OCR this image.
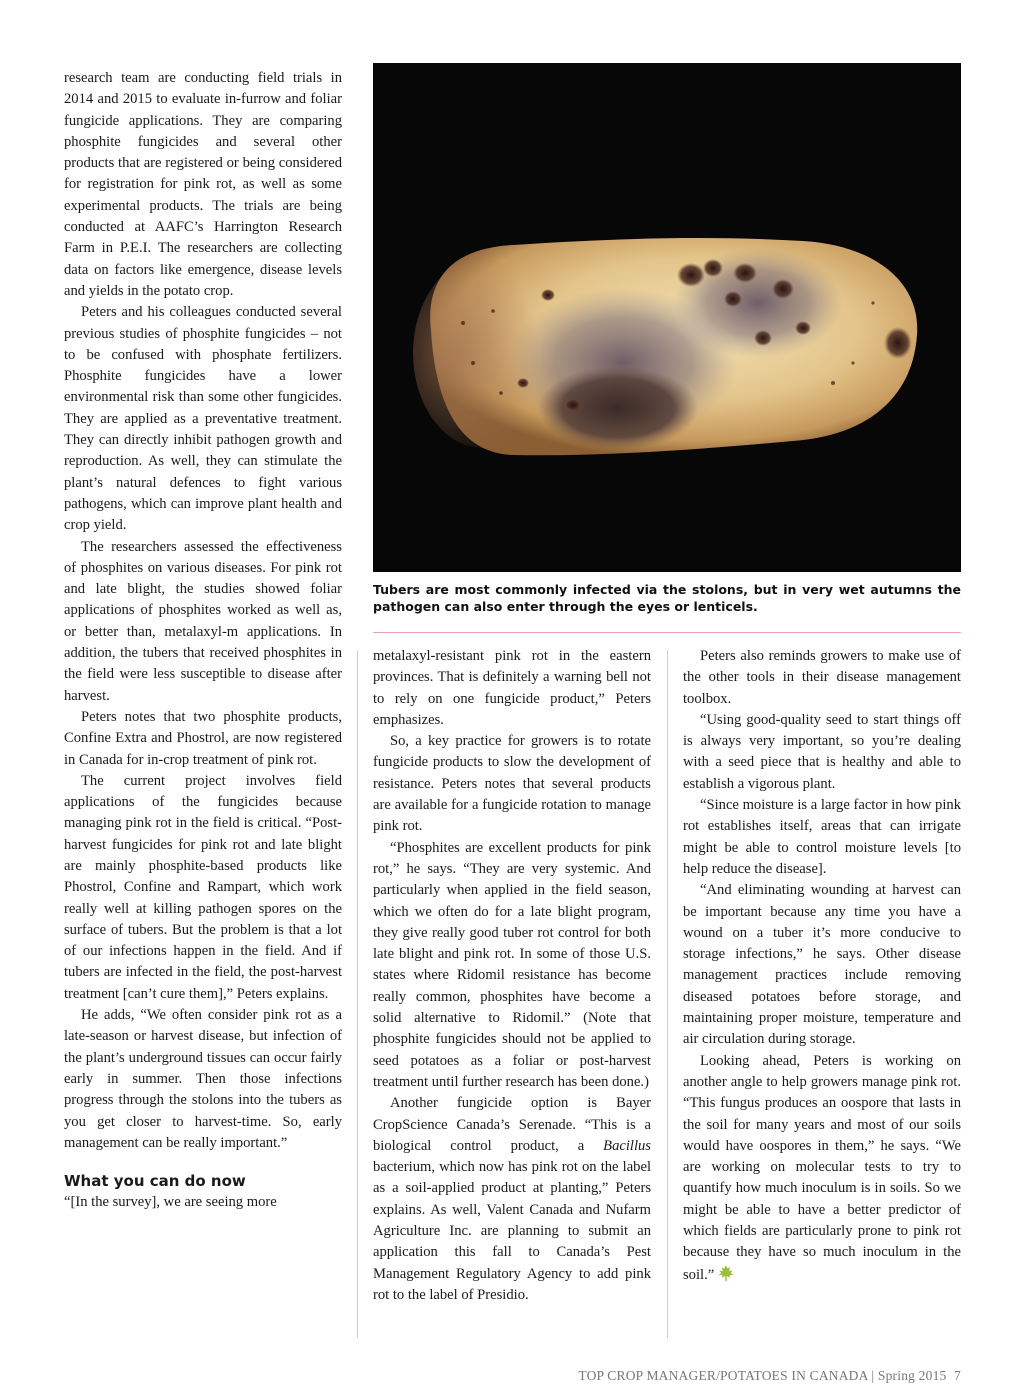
research team are conducting field trials in 2014 and 2015 to evaluate in-furrow and foliar fungicide applications. They are comparing phosphite fungicides and several other products that are registered or being considered for registration for pink rot, as well as some experimental products. The trials are being conducted at AAFC’s Harrington Research Farm in P.E.I. The researchers are collecting data on factors like emergence, disease levels and yields in the potato crop.

Peters and his colleagues conducted several previous studies of phosphite fungicides – not to be confused with phosphate fertilizers. Phosphite fungicides have a lower environmental risk than some other fungicides. They are applied as a preventative treatment. They can directly inhibit pathogen growth and reproduction. As well, they can stimulate the plant’s natural defences to fight various pathogens, which can improve plant health and crop yield.

The researchers assessed the effectiveness of phosphites on various diseases. For pink rot and late blight, the studies showed foliar applications of phosphites worked as well as, or better than, metalaxyl-m applications. In addition, the tubers that received phosphites in the field were less susceptible to disease after harvest.

Peters notes that two phosphite products, Confine Extra and Phostrol, are now registered in Canada for in-crop treatment of pink rot.

The current project involves field applications of the fungicides because managing pink rot in the field is critical. “Post-harvest fungicides for pink rot and late blight are mainly phosphite-based products like Phostrol, Confine and Rampart, which work really well at killing pathogen spores on the surface of tubers. But the problem is that a lot of our infections happen in the field. And if tubers are infected in the field, the post-harvest treatment [can’t cure them],” Peters explains.

He adds, “We often consider pink rot as a late-season or harvest disease, but infection of the plant’s underground tissues can occur fairly early in summer. Then those infections progress through the stolons into the tubers as you get closer to harvest-time. So, early management can be really important.”

What you can do now

“[In the survey], we are seeing more

Tubers are most commonly infected via the stolons, but in very wet autumns the pathogen can also enter through the eyes or lenticels.

metalaxyl-resistant pink rot in the eastern provinces. That is definitely a warning bell not to rely on one fungicide product,” Peters emphasizes.

So, a key practice for growers is to rotate fungicide products to slow the development of resistance. Peters notes that several products are available for a fungicide rotation to manage pink rot.

“Phosphites are excellent products for pink rot,” he says. “They are very systemic. And particularly when applied in the field season, which we often do for a late blight program, they give really good tuber rot control for both late blight and pink rot. In some of those U.S. states where Ridomil resistance has become really common, phosphites have become a solid alternative to Ridomil.” (Note that phosphite fungicides should not be applied to seed potatoes as a foliar or post-harvest treatment until further research has been done.)

Another fungicide option is Bayer CropScience Canada’s Serenade. “This is a biological control product, a Bacillus bacterium, which now has pink rot on the label as a soil-applied product at planting,” Peters explains. As well, Valent Canada and Nufarm Agriculture Inc. are planning to submit an application this fall to Canada’s Pest Management Regulatory Agency to add pink rot to the label of Presidio.

Peters also reminds growers to make use of the other tools in their disease management toolbox.

“Using good-quality seed to start things off is always very important, so you’re dealing with a seed piece that is healthy and able to establish a vigorous plant.

“Since moisture is a large factor in how pink rot establishes itself, areas that can irrigate might be able to control moisture levels [to help reduce the disease].

“And eliminating wounding at harvest can be important because any time you have a wound on a tuber it’s more conducive to storage infections,” he says. Other disease management practices include removing diseased potatoes before storage, and maintaining proper moisture, temperature and air circulation during storage.

Looking ahead, Peters is working on another angle to help growers manage pink rot. “This fungus produces an oospore that lasts in the soil for many years and most of our soils would have oospores in them,” he says. “We are working on molecular tests to try to quantify how much inoculum is in soils. So we might be able to have a better predictor of which fields are particularly prone to pink rot because they have so much inoculum in the soil.”

TOP CROP MANAGER/POTATOES IN CANADA | Spring 2015 7
